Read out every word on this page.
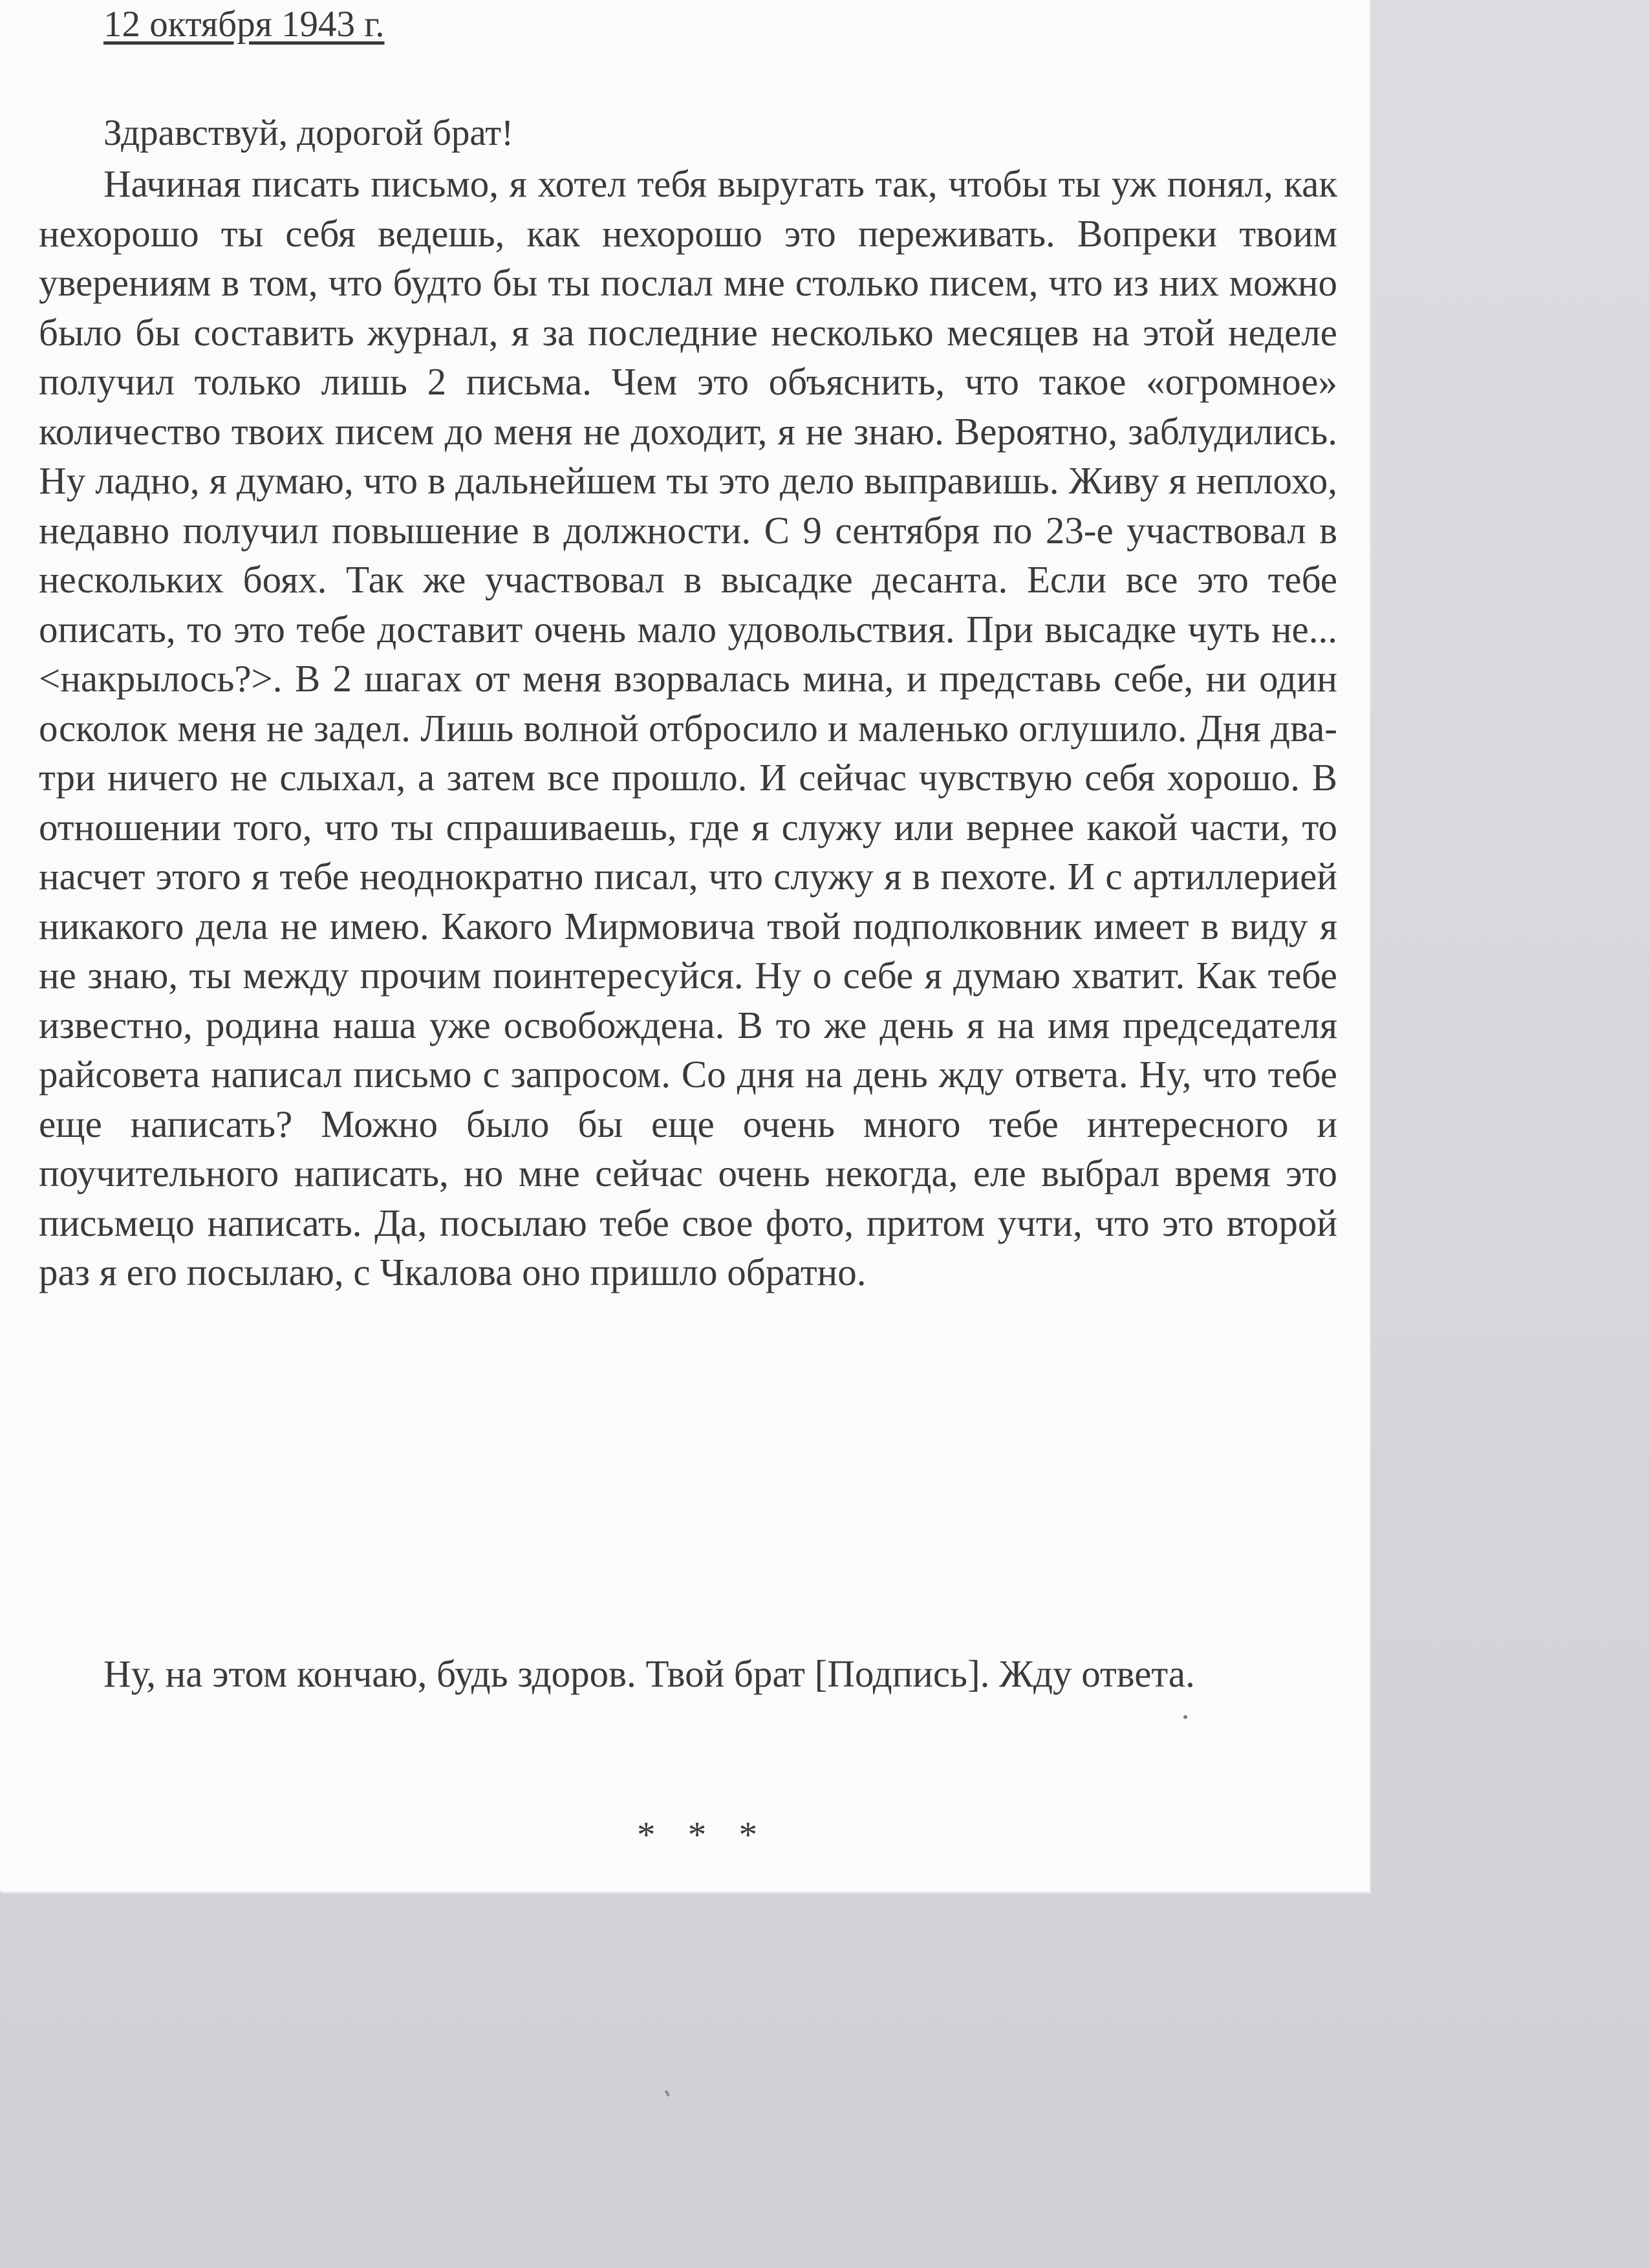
12 октября 1943 г.
Здравствуй, дорогой брат!
Начиная писать письмо, я хотел тебя выругать так, чтобы ты уж понял, как нехорошо ты себя ведешь, как нехорошо это переживать. Вопреки твоим уверениям в том, что будто бы ты послал мне столько писем, что из них можно было бы составить журнал, я за последние несколько месяцев на этой неделе получил только лишь 2 письма. Чем это объяснить, что такое «огромное» количество твоих писем до меня не доходит, я не знаю. Вероятно, заблудились. Ну ладно, я думаю, что в дальнейшем ты это дело выправишь. Живу я неплохо, недавно получил повышение в должности. С 9 сентября по 23-е участвовал в нескольких боях. Так же участвовал в высадке десанта. Если все это тебе описать, то это тебе доставит очень мало удовольствия. При высадке чуть не... <накрылось?>. В 2 шагах от меня взорвалась мина, и представь себе, ни один осколок меня не задел. Лишь волной отбросило и маленько оглушило. Дня два-три ничего не слыхал, а затем все прошло. И сейчас чувствую себя хорошо. В отношении того, что ты спрашиваешь, где я служу или вернее какой части, то насчет этого я тебе неоднократно писал, что служу я в пехоте. И с артиллерией никакого дела не имею. Какого Мирмовича твой подполковник имеет в виду я не знаю, ты между прочим поинтересуйся. Ну о себе я думаю хватит. Как тебе известно, родина наша уже освобождена. В то же день я на имя председателя райсовета написал письмо с запросом. Со дня на день жду ответа. Ну, что тебе еще написать? Можно было бы еще очень много тебе интересного и поучительного написать, но мне сейчас очень некогда, еле выбрал время это письмецо написать. Да, посылаю тебе свое фото, притом учти, что это второй раз я его посылаю, с Чкалова оно пришло обратно.
Ну, на этом кончаю, будь здоров. Твой брат [Подпись]. Жду ответа.
* * *
